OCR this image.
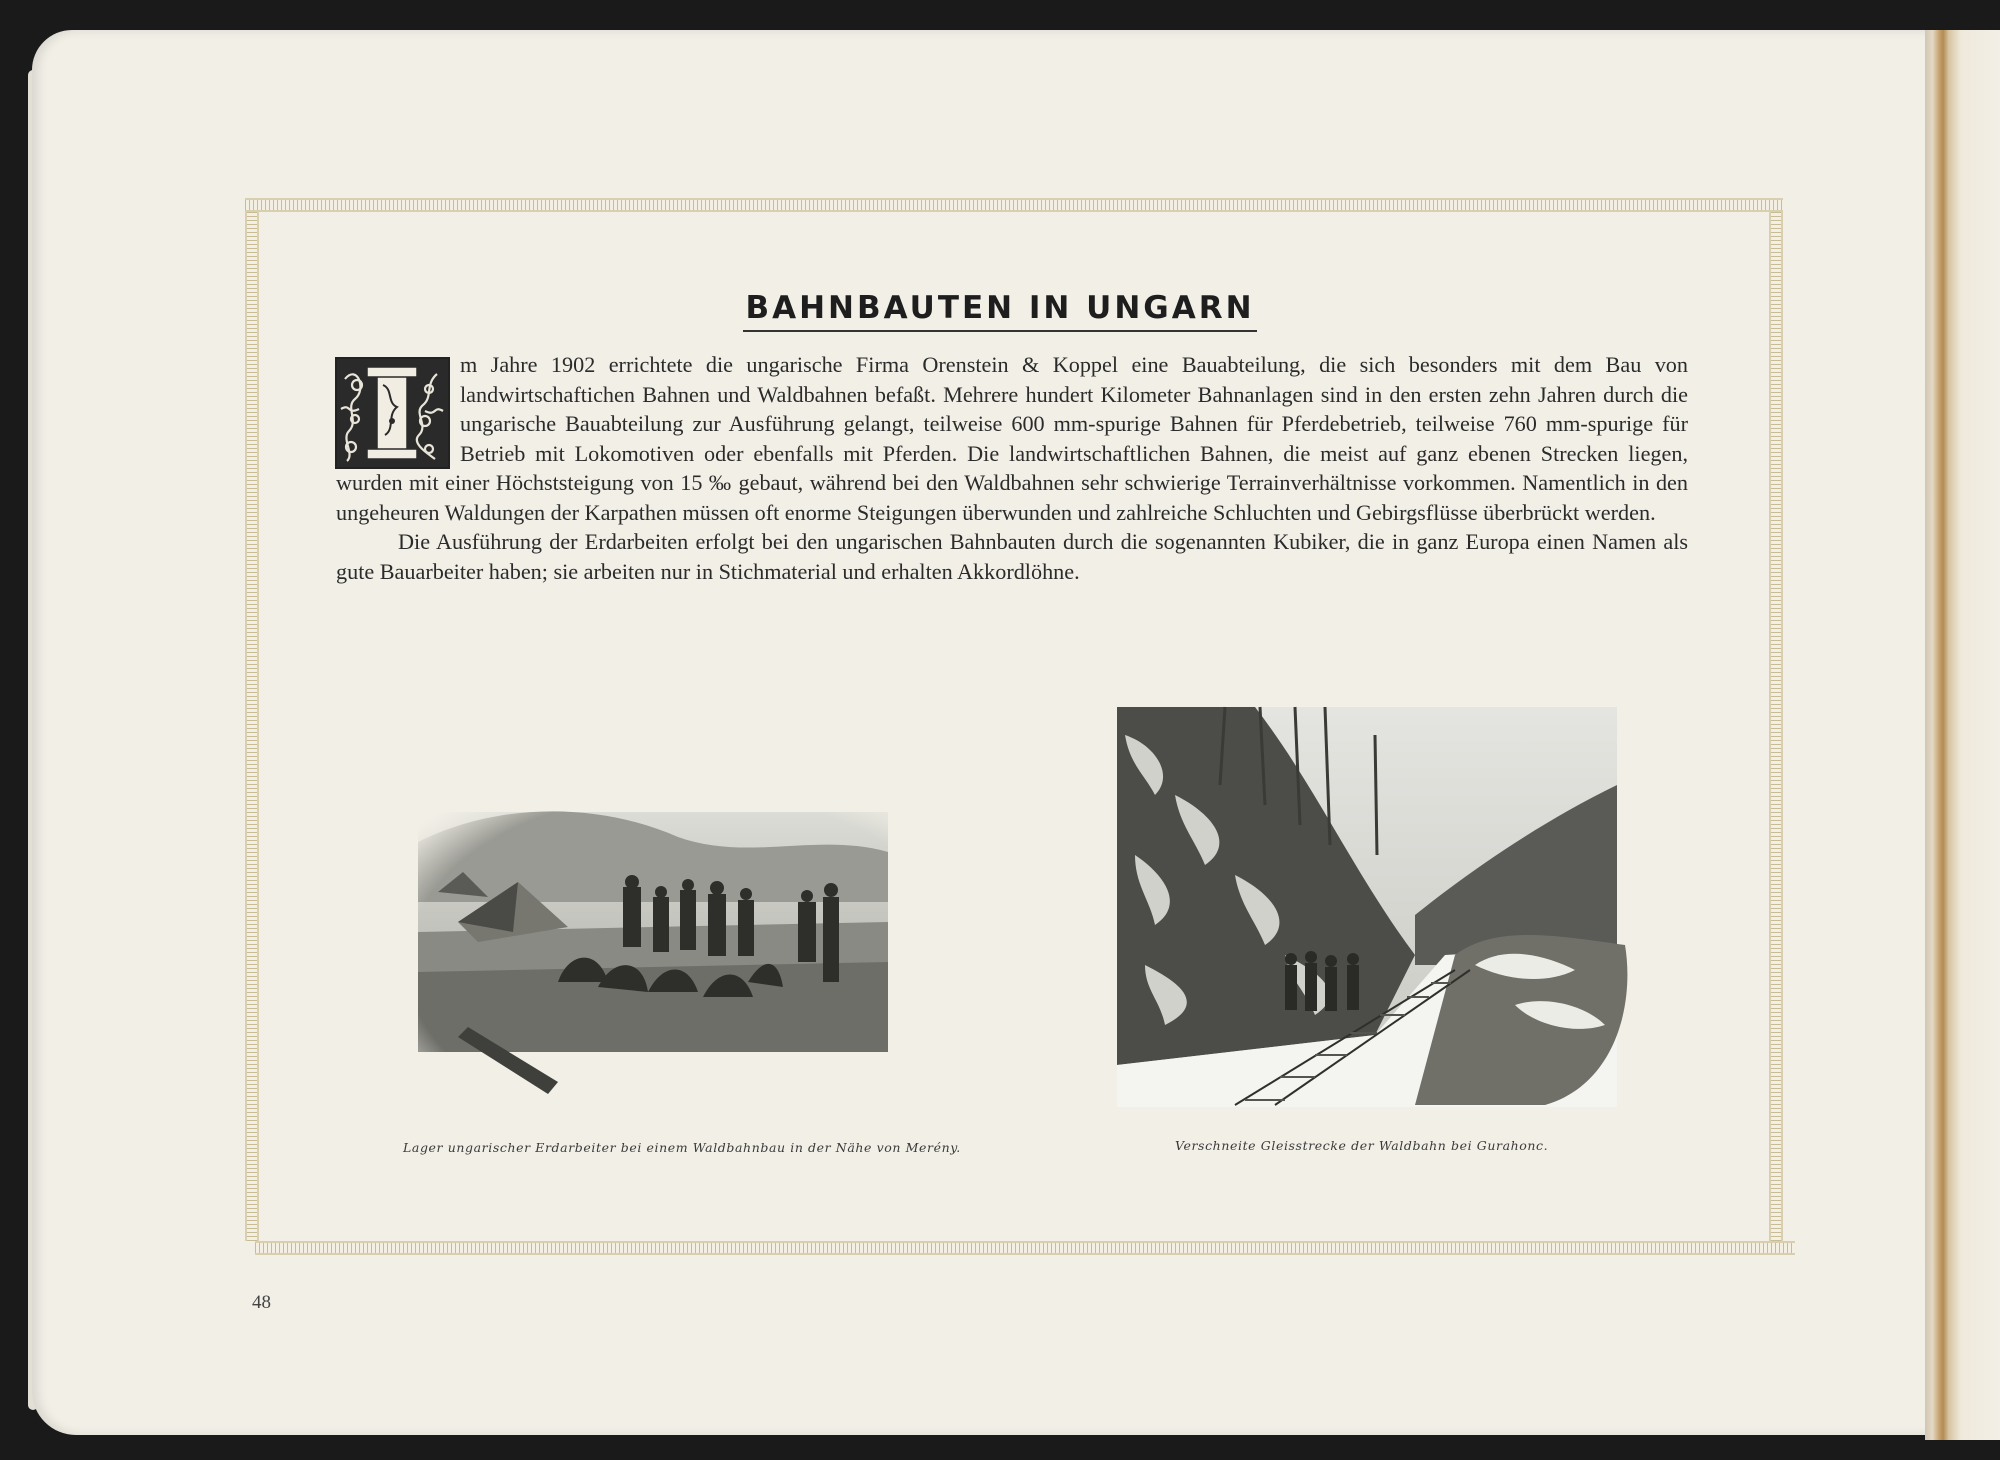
BAHNBAUTEN IN UNGARN

m Jahre 1902 errichtete die ungarische Firma Orenstein & Koppel eine Bauabteilung, die sich besonders mit dem Bau von landwirtschaftichen Bahnen und Waldbahnen befaßt. Mehrere hundert Kilometer Bahnanlagen sind in den ersten zehn Jahren durch die ungarische Bauabteilung zur Ausführung gelangt, teilweise 600 mm-spurige Bahnen für Pferdebetrieb, teilweise 760 mm-spurige für Betrieb mit Lokomotiven oder ebenfalls mit Pferden. Die landwirtschaftlichen Bahnen, die meist auf ganz ebenen Strecken liegen, wurden mit einer Höchststeigung von 15 ‰ gebaut, während bei den Waldbahnen sehr schwierige Terrainverhältnisse vorkommen. Namentlich in den ungeheuren Waldungen der Karpathen müssen oft enorme Steigungen überwunden und zahlreiche Schluchten und Gebirgsflüsse überbrückt werden.

Die Ausführung der Erdarbeiten erfolgt bei den ungarischen Bahnbauten durch die sogenannten Kubiker, die in ganz Europa einen Namen als gute Bauarbeiter haben; sie arbeiten nur in Stichmaterial und erhalten Akkordlöhne.

Lager ungarischer Erdarbeiter bei einem Waldbahnbau in der Nähe von Merény.	Verschneite Gleisstrecke der Waldbahn bei Gurahonc.
48
